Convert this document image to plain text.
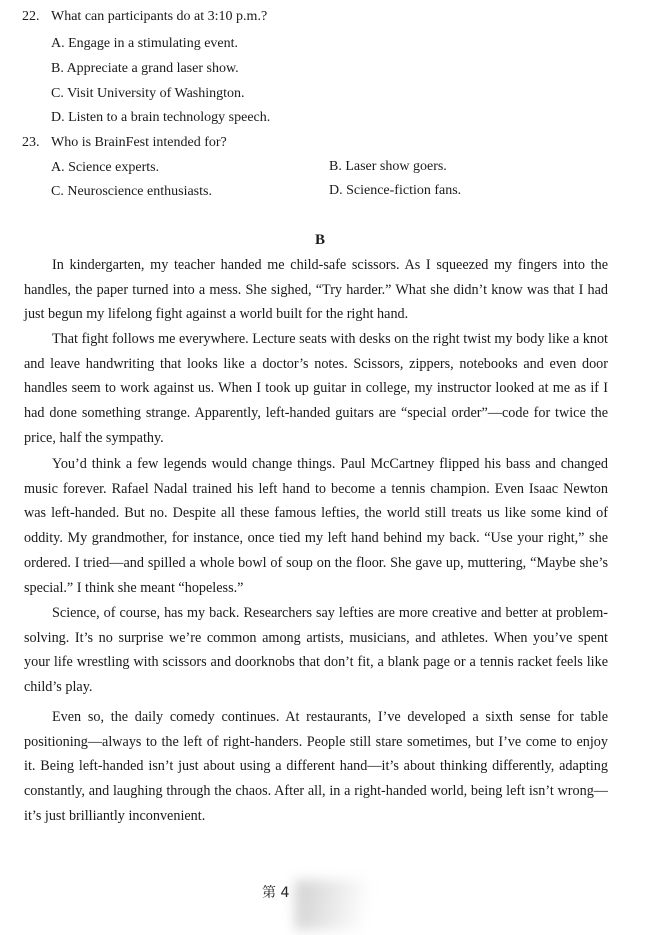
22. What can participants do at 3:10 p.m.?
A. Engage in a stimulating event.
B. Appreciate a grand laser show.
C. Visit University of Washington.
D. Listen to a brain technology speech.
23. Who is BrainFest intended for?
A. Science experts.	B. Laser show goers.
C. Neuroscience enthusiasts.	D. Science-fiction fans.
B

In kindergarten, my teacher handed me child-safe scissors. As I squeezed my fingers into the handles, the paper turned into a mess. She sighed, “Try harder.” What she didn’t know was that I had just begun my lifelong fight against a world built for the right hand.

That fight follows me everywhere. Lecture seats with desks on the right twist my body like a knot and leave handwriting that looks like a doctor’s notes. Scissors, zippers, notebooks and even door handles seem to work against us. When I took up guitar in college, my instructor looked at me as if I had done something strange. Apparently, left-handed guitars are “special order”—code for twice the price, half the sympathy.

You’d think a few legends would change things. Paul McCartney flipped his bass and changed music forever. Rafael Nadal trained his left hand to become a tennis champion. Even Isaac Newton was left-handed. But no. Despite all these famous lefties, the world still treats us like some kind of oddity. My grandmother, for instance, once tied my left hand behind my back. “Use your right,” she ordered. I tried—and spilled a whole bowl of soup on the floor. She gave up, muttering, “Maybe she’s special.” I think she meant “hopeless.”

Science, of course, has my back. Researchers say lefties are more creative and better at problem-solving. It’s no surprise we’re common among artists, musicians, and athletes. When you’ve spent your life wrestling with scissors and doorknobs that don’t fit, a blank page or a tennis racket feels like child’s play.

Even so, the daily comedy continues. At restaurants, I’ve developed a sixth sense for table positioning—always to the left of right-handers. People still stare sometimes, but I’ve come to enjoy it. Being left-handed isn’t just about using a different hand—it’s about thinking differently, adapting constantly, and laughing through the chaos. After all, in a right-handed world, being left isn’t wrong—it’s just brilliantly inconvenient.

第 4
